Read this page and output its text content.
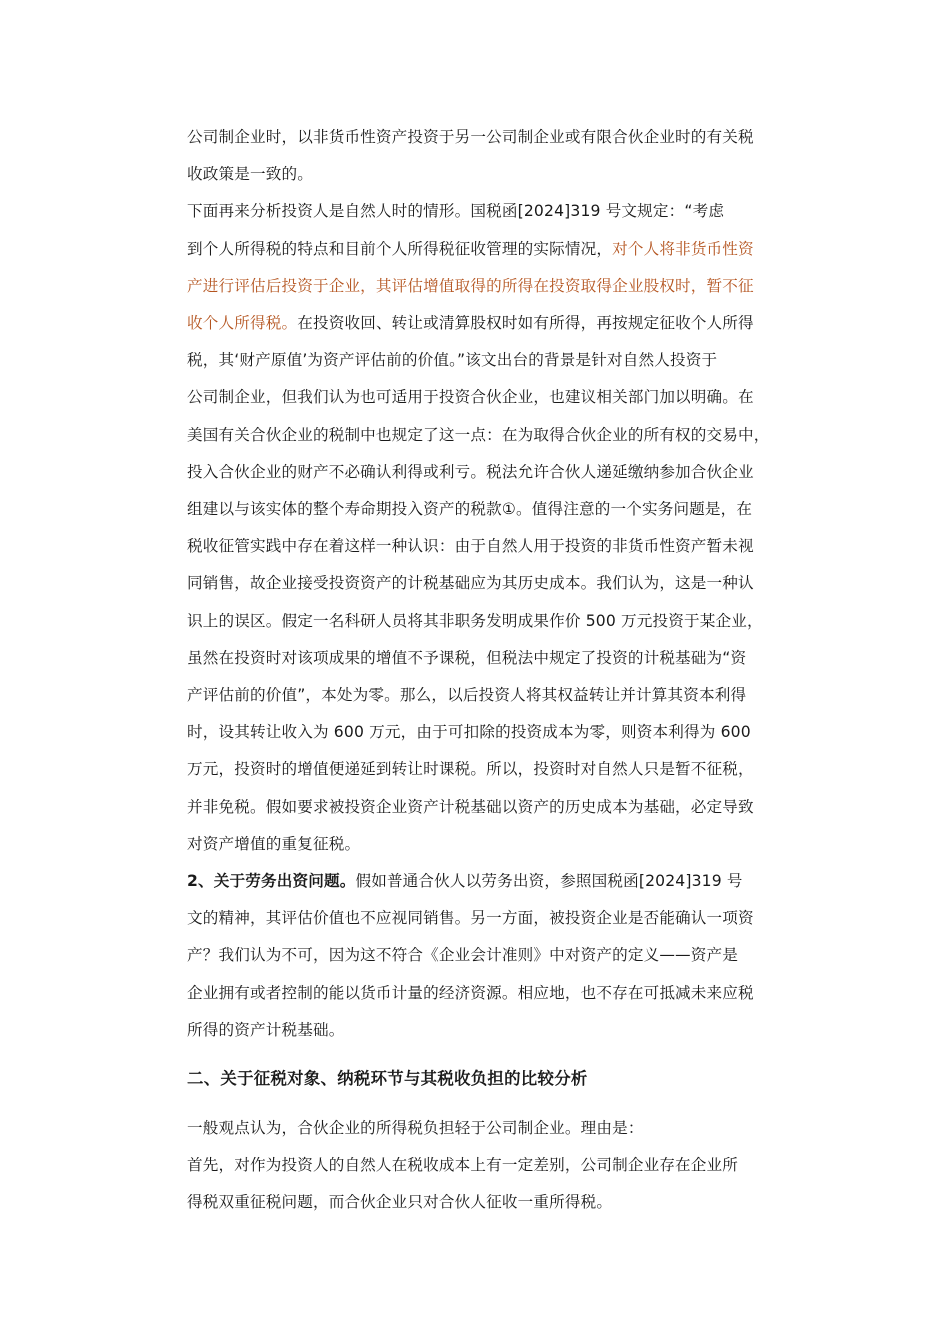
公司制企业时，以非货币性资产投资于另一公司制企业或有限合伙企业时的有关税
收政策是一致的。
下面再来分析投资人是自然人时的情形。国税函[2024]319 号文规定：“考虑
到个人所得税的特点和目前个人所得税征收管理的实际情况，对个人将非货币性资
产进行评估后投资于企业，其评估增值取得的所得在投资取得企业股权时，暂不征
收个人所得税。在投资收回、转让或清算股权时如有所得，再按规定征收个人所得
税，其‘财产原值’为资产评估前的价值。”该文出台的背景是针对自然人投资于
公司制企业，但我们认为也可适用于投资合伙企业，也建议相关部门加以明确。在
美国有关合伙企业的税制中也规定了这一点：在为取得合伙企业的所有权的交易中，
投入合伙企业的财产不必确认利得或利亏。税法允许合伙人递延缴纳参加合伙企业
组建以与该实体的整个寿命期投入资产的税款①。值得注意的一个实务问题是，在
税收征管实践中存在着这样一种认识：由于自然人用于投资的非货币性资产暂未视
同销售，故企业接受投资资产的计税基础应为其历史成本。我们认为，这是一种认
识上的误区。假定一名科研人员将其非职务发明成果作价 500 万元投资于某企业，
虽然在投资时对该项成果的增值不予课税，但税法中规定了投资的计税基础为“资
产评估前的价值”，本处为零。那么，以后投资人将其权益转让并计算其资本利得
时，设其转让收入为 600 万元，由于可扣除的投资成本为零，则资本利得为 600
万元，投资时的增值便递延到转让时课税。所以，投资时对自然人只是暂不征税，
并非免税。假如要求被投资企业资产计税基础以资产的历史成本为基础，必定导致
对资产增值的重复征税。
2、关于劳务出资问题。假如普通合伙人以劳务出资，参照国税函[2024]319 号
文的精神，其评估价值也不应视同销售。另一方面，被投资企业是否能确认一项资
产？我们认为不可，因为这不符合《企业会计准则》中对资产的定义——资产是
企业拥有或者控制的能以货币计量的经济资源。相应地，也不存在可抵减未来应税
所得的资产计税基础。
二、关于征税对象、纳税环节与其税收负担的比较分析
一般观点认为，合伙企业的所得税负担轻于公司制企业。理由是：
首先，对作为投资人的自然人在税收成本上有一定差别，公司制企业存在企业所
得税双重征税问题，而合伙企业只对合伙人征收一重所得税。
